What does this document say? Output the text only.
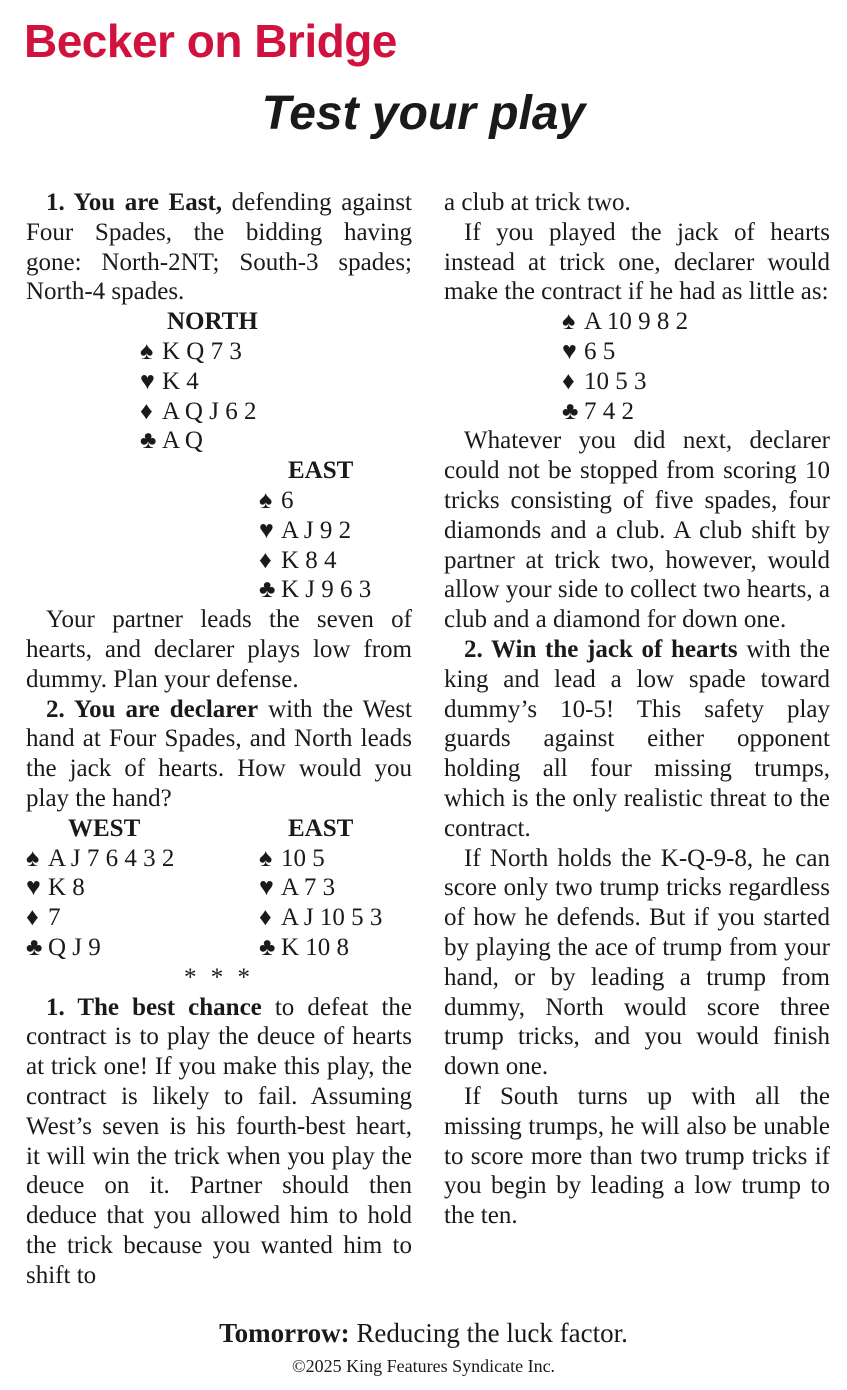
Becker on Bridge
Test your play

1. You are East, defending against Four Spades, the bidding having gone: North-2NT; South-3 spades; North-4 spades.

NORTH
♠ K Q 7 3
♥ K 4
♦ A Q J 6 2
♣ A Q
EAST
♠ 6
♥ A J 9 2
♦ K 8 4
♣ K J 9 6 3

Your partner leads the seven of hearts, and declarer plays low from dummy. Plan your defense.

2. You are declarer with the West hand at Four Spades, and North leads the jack of hearts. How would you play the hand?

WEST
♠ A J 7 6 4 3 2
♥ K 8
♦ 7
♣ Q J 9
EAST
♠ 10 5
♥ A 7 3
♦ A J 10 5 3
♣ K 10 8
* * *

1. The best chance to defeat the contract is to play the deuce of hearts at trick one! If you make this play, the contract is likely to fail. Assuming West’s seven is his fourth-best heart, it will win the trick when you play the deuce on it. Partner should then deduce that you allowed him to hold the trick because you wanted him to shift to

a club at trick two.

If you played the jack of hearts instead at trick one, declarer would make the contract if he had as little as:

♠ A 10 9 8 2
♥ 6 5
♦ 10 5 3
♣ 7 4 2

Whatever you did next, declarer could not be stopped from scoring 10 tricks consisting of five spades, four diamonds and a club. A club shift by partner at trick two, however, would allow your side to collect two hearts, a club and a diamond for down one.

2. Win the jack of hearts with the king and lead a low spade toward dummy’s 10-5! This safety play guards against either opponent holding all four missing trumps, which is the only realistic threat to the contract.

If North holds the K-Q-9-8, he can score only two trump tricks regardless of how he defends. But if you started by playing the ace of trump from your hand, or by leading a trump from dummy, North would score three trump tricks, and you would finish down one.

If South turns up with all the missing trumps, he will also be unable to score more than two trump tricks if you begin by leading a low trump to the ten.

Tomorrow: Reducing the luck factor.
©2025 King Features Syndicate Inc.
